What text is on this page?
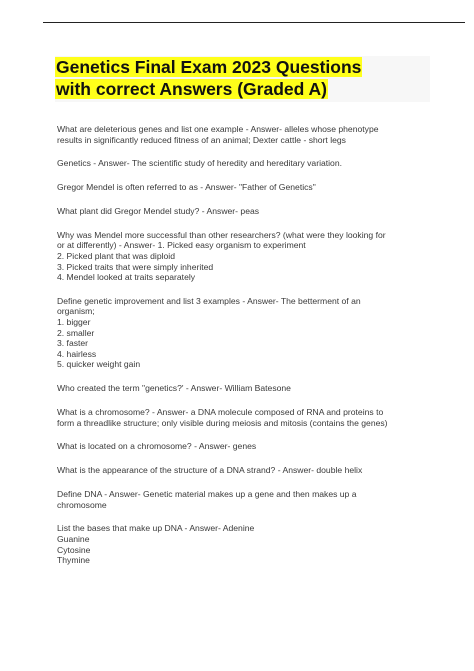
Genetics Final Exam 2023 Questions
with correct Answers (Graded A)
What are deleterious genes and list one example - Answer- alleles whose phenotype
results in significantly reduced fitness of an animal; Dexter cattle - short legs
Genetics - Answer- The scientific study of heredity and hereditary variation.
Gregor Mendel is often referred to as - Answer- "Father of Genetics"
What plant did Gregor Mendel study? - Answer- peas
Why was Mendel more successful than other researchers? (what were they looking for
or at differently) - Answer- 1. Picked easy organism to experiment
2. Picked plant that was diploid
3. Picked traits that were simply inherited
4. Mendel looked at traits separately
Define genetic improvement and list 3 examples - Answer- The betterment of an
organism;
1. bigger
2. smaller
3. faster
4. hairless
5. quicker weight gain
Who created the term "genetics?' - Answer- William Batesone
What is a chromosome? - Answer- a DNA molecule composed of RNA and proteins to
form a threadlike structure; only visible during meiosis and mitosis (contains the genes)
What is located on a chromosome? - Answer- genes
What is the appearance of the structure of a DNA strand? - Answer- double helix
Define DNA - Answer- Genetic material makes up a gene and then makes up a
chromosome
List the bases that make up DNA - Answer- Adenine
Guanine
Cytosine
Thymine
